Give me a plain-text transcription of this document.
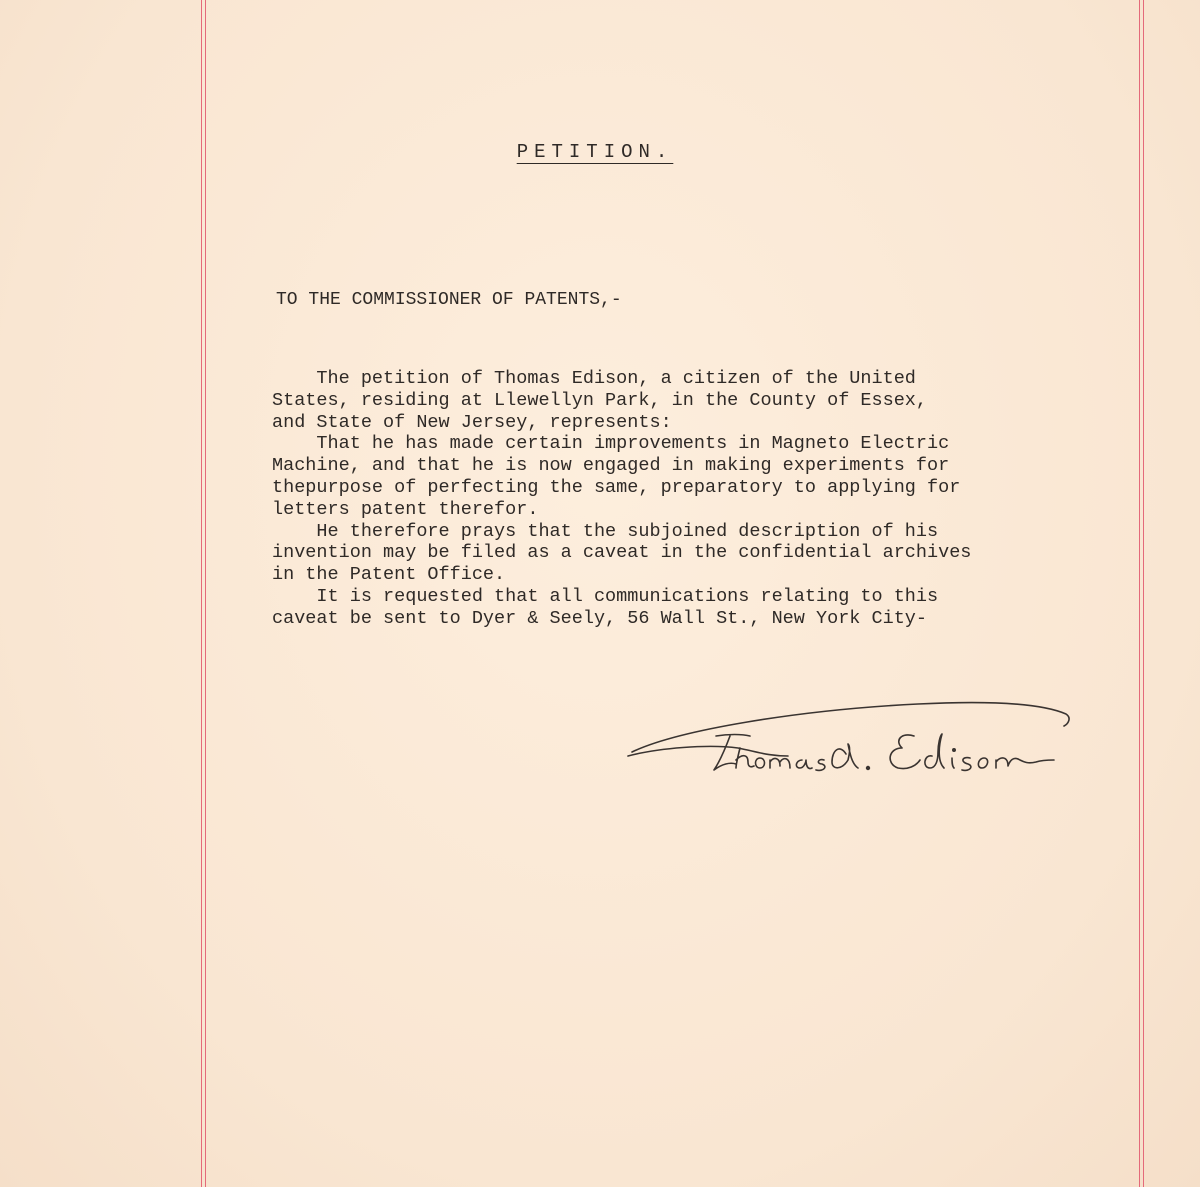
PETITION.

TO THE COMMISSIONER OF PATENTS,-

The petition of Thomas Edison, a citizen of the United
States, residing at Llewellyn Park, in the County of Essex,
and State of New Jersey, represents:
That he has made certain improvements in Magneto Electric
Machine, and that he is now engaged in making experiments for
thepurpose of perfecting the same, preparatory to applying for
letters patent therefor.
He therefore prays that the subjoined description of his
invention may be filed as a caveat in the confidential archives
in the Patent Office.
It is requested that all communications relating to this
caveat be sent to Dyer & Seely, 56 Wall St., New York City-
